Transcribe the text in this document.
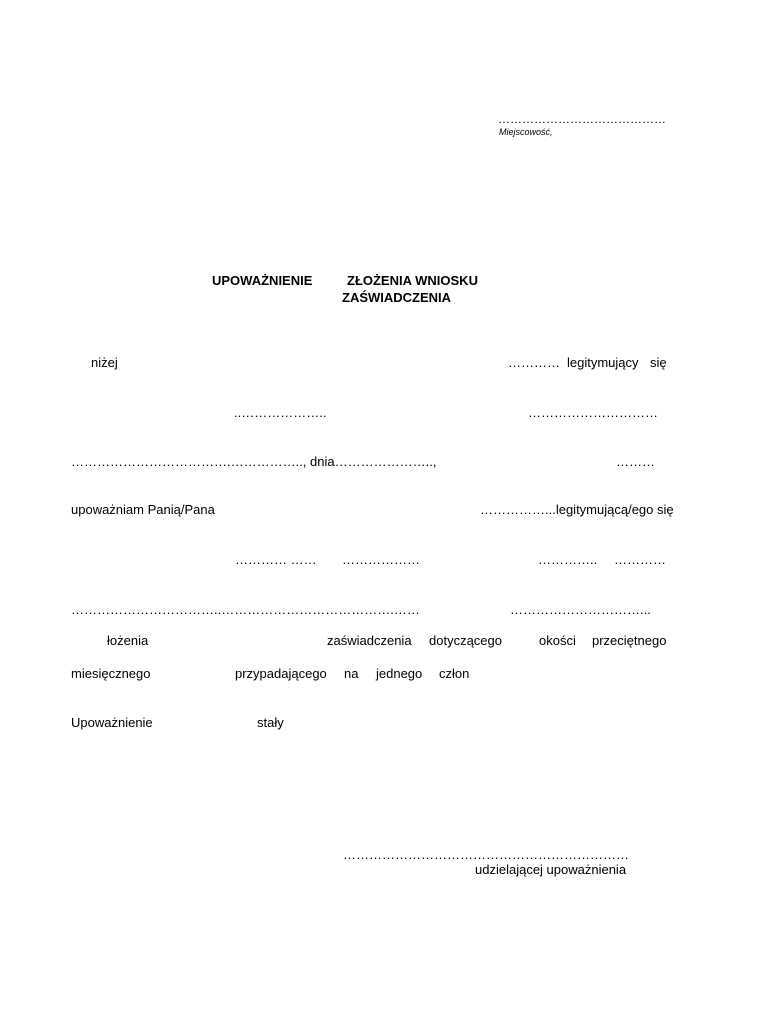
……………………………………
Miejscowość,
UPOWAŻNIENIE	ZŁOŻENIA WNIOSKU
ZAŚWIADCZENIA
niżej	………… legitymujący się
..………………..	…………………………
……………………………….…………….., dnia…………………..,	………
upoważniam Panią/Pana	……………...legitymującą/ego się
………… …… ………………	………….. …………
……………………………..………………………………….……	…………………………...
łożenia	zaświadczenia dotyczącego	okości przeciętnego
miesięcznego	przypadającego na jednego człon
Upoważnienie	stały
…………………………………………………………
udzielającej upoważnienia
